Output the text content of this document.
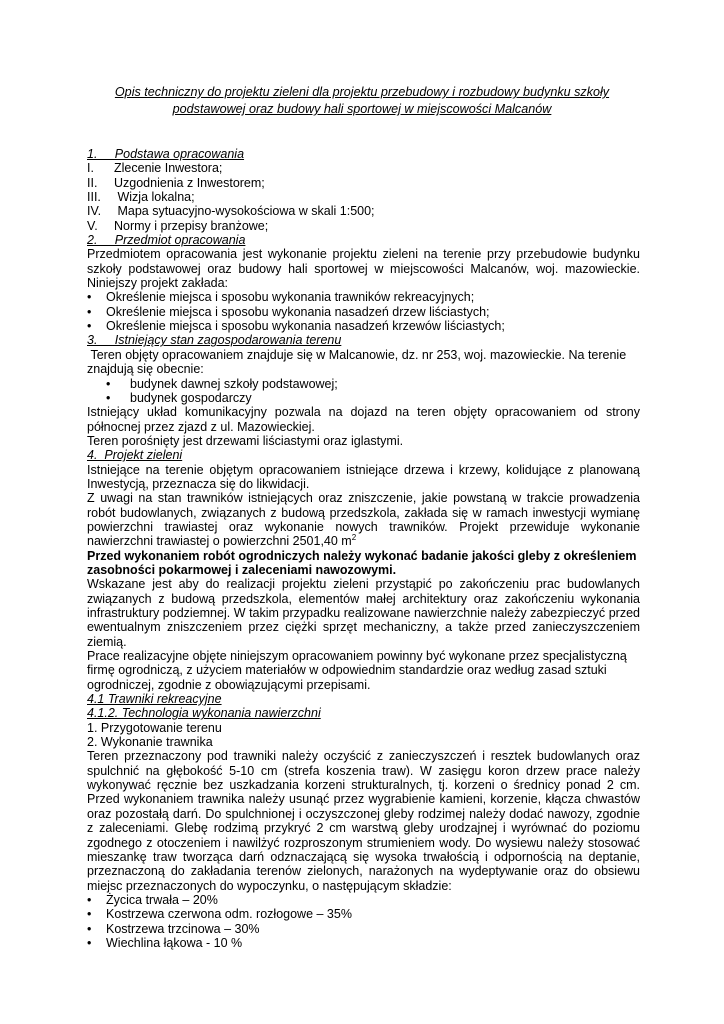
Opis techniczny do projektu zieleni dla projektu przebudowy i rozbudowy budynku szkoły
podstawowej oraz budowy hali sportowej w miejscowości Malcanów

1.     Podstawa opracowania

I.	Zlecenie Inwestora;
II.	Uzgodnienia z Inwestorem;
III.	Wizja lokalna;
IV.	Mapa sytuacyjno-wysokościowa w skali 1:500;
V.	Normy i przepisy branżowe;

2.     Przedmiot opracowania

Przedmiotem opracowania jest wykonanie projektu zieleni na terenie przy przebudowie budynku szkoły podstawowej oraz budowy hali sportowej w miejscowości Malcanów, woj. mazowieckie. Niniejszy projekt zakłada:

•	Określenie miejsca i sposobu wykonania trawników rekreacyjnych;
•	Określenie miejsca i sposobu wykonania nasadzeń drzew liściastych;
•	Określenie miejsca i sposobu wykonania nasadzeń krzewów liściastych;

3.     Istniejący stan zagospodarowania terenu

Teren objęty opracowaniem znajduje się w Malcanowie, dz. nr 253, woj. mazowieckie. Na terenie znajdują się obecnie:

•	budynek dawnej szkoły podstawowej;
•	budynek gospodarczy

Istniejący układ komunikacyjny pozwala na dojazd na teren objęty opracowaniem od strony północnej przez zjazd z ul. Mazowieckiej.

Teren porośnięty jest drzewami liściastymi oraz iglastymi.

4.  Projekt zieleni

Istniejące na terenie objętym opracowaniem istniejące drzewa i krzewy, kolidujące z planowaną Inwestycją, przeznacza się do likwidacji.

Z uwagi na stan trawników istniejących oraz zniszczenie, jakie powstaną w trakcie prowadzenia robót budowlanych, związanych z budową przedszkola, zakłada się w ramach inwestycji wymianę powierzchni trawiastej oraz wykonanie nowych trawników. Projekt przewiduje wykonanie nawierzchni trawiastej o powierzchni 2501,40 $m^2$

Przed wykonaniem robót ogrodniczych należy wykonać badanie jakości gleby z określeniem zasobności pokarmowej i zaleceniami nawozowymi.

Wskazane jest aby do realizacji projektu zieleni przystąpić po zakończeniu prac budowlanych związanych z budową przedszkola, elementów małej architektury oraz zakończeniu wykonania infrastruktury podziemnej. W takim przypadku realizowane nawierzchnie należy zabezpieczyć przed ewentualnym zniszczeniem przez ciężki sprzęt mechaniczny, a także przed zanieczyszczeniem ziemią.

Prace realizacyjne objęte niniejszym opracowaniem powinny być wykonane przez specjalistyczną firmę ogrodniczą, z użyciem materiałów w odpowiednim standardzie oraz według zasad sztuki ogrodniczej, zgodnie z obowiązującymi przepisami.

4.1 Trawniki rekreacyjne

4.1.2. Technologia wykonania nawierzchni

1. Przygotowanie terenu

2. Wykonanie trawnika

Teren przeznaczony pod trawniki należy oczyścić z zanieczyszczeń i resztek budowlanych oraz spulchnić na głębokość 5-10 cm (strefa koszenia traw). W zasięgu koron drzew prace należy wykonywać ręcznie bez uszkadzania korzeni strukturalnych, tj. korzeni o średnicy ponad 2 cm. Przed wykonaniem trawnika należy usunąć przez wygrabienie kamieni, korzenie, kłącza chwastów oraz pozostałą darń. Do spulchnionej i oczyszczonej gleby rodzimej należy dodać nawozy, zgodnie z zaleceniami. Glebę rodzimą przykryć 2 cm warstwą gleby urodzajnej i wyrównać do poziomu zgodnego z otoczeniem i nawilżyć rozproszonym strumieniem wody. Do wysiewu należy stosować mieszankę traw tworząca darń odznaczającą się wysoka trwałością i odpornością na deptanie, przeznaczoną do zakładania terenów zielonych, narażonych na wydeptywanie oraz do obsiewu miejsc przeznaczonych do wypoczynku, o następującym składzie:

•	Życica trwała – 20%
•	Kostrzewa czerwona odm. rozłogowe – 35%
•	Kostrzewa trzcinowa – 30%
•	Wiechlina łąkowa - 10 %
